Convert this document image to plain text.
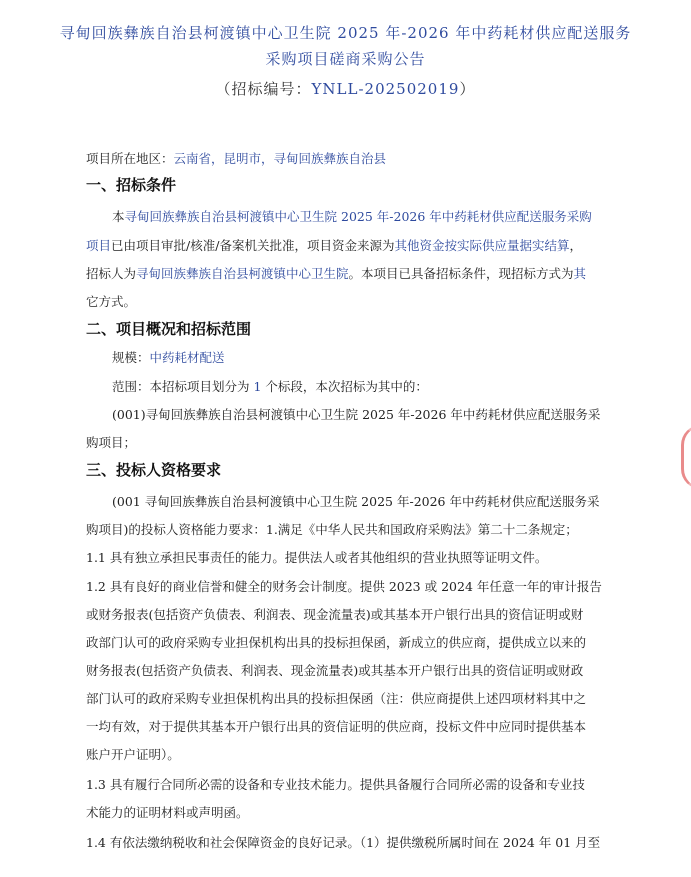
寻甸回族彝族自治县柯渡镇中心卫生院 2025 年-2026 年中药耗材供应配送服务
采购项目磋商采购公告
（招标编号：YNLL-202502019）
项目所在地区：云南省，昆明市，寻甸回族彝族自治县
一、招标条件
本寻甸回族彝族自治县柯渡镇中心卫生院 2025 年-2026 年中药耗材供应配送服务采购
项目已由项目审批/核准/备案机关批准，项目资金来源为其他资金按实际供应量据实结算，
招标人为寻甸回族彝族自治县柯渡镇中心卫生院。本项目已具备招标条件，现招标方式为其
它方式。
二、项目概况和招标范围
规模：中药耗材配送
范围：本招标项目划分为 1 个标段，本次招标为其中的：
(001)寻甸回族彝族自治县柯渡镇中心卫生院 2025 年-2026 年中药耗材供应配送服务采
购项目；
三、投标人资格要求
(001 寻甸回族彝族自治县柯渡镇中心卫生院 2025 年-2026 年中药耗材供应配送服务采
购项目)的投标人资格能力要求：1.满足《中华人民共和国政府采购法》第二十二条规定；
1.1 具有独立承担民事责任的能力。提供法人或者其他组织的营业执照等证明文件。
1.2 具有良好的商业信誉和健全的财务会计制度。提供 2023 或 2024 年任意一年的审计报告
或财务报表(包括资产负债表、利润表、现金流量表)或其基本开户银行出具的资信证明或财
政部门认可的政府采购专业担保机构出具的投标担保函，新成立的供应商，提供成立以来的
财务报表(包括资产负债表、利润表、现金流量表)或其基本开户银行出具的资信证明或财政
部门认可的政府采购专业担保机构出具的投标担保函（注：供应商提供上述四项材料其中之
一均有效，对于提供其基本开户银行出具的资信证明的供应商，投标文件中应同时提供基本
账户开户证明）。
1.3 具有履行合同所必需的设备和专业技术能力。提供具备履行合同所必需的设备和专业技
术能力的证明材料或声明函。
1.4 有依法缴纳税收和社会保障资金的良好记录。（1）提供缴税所属时间在 2024 年 01 月至
